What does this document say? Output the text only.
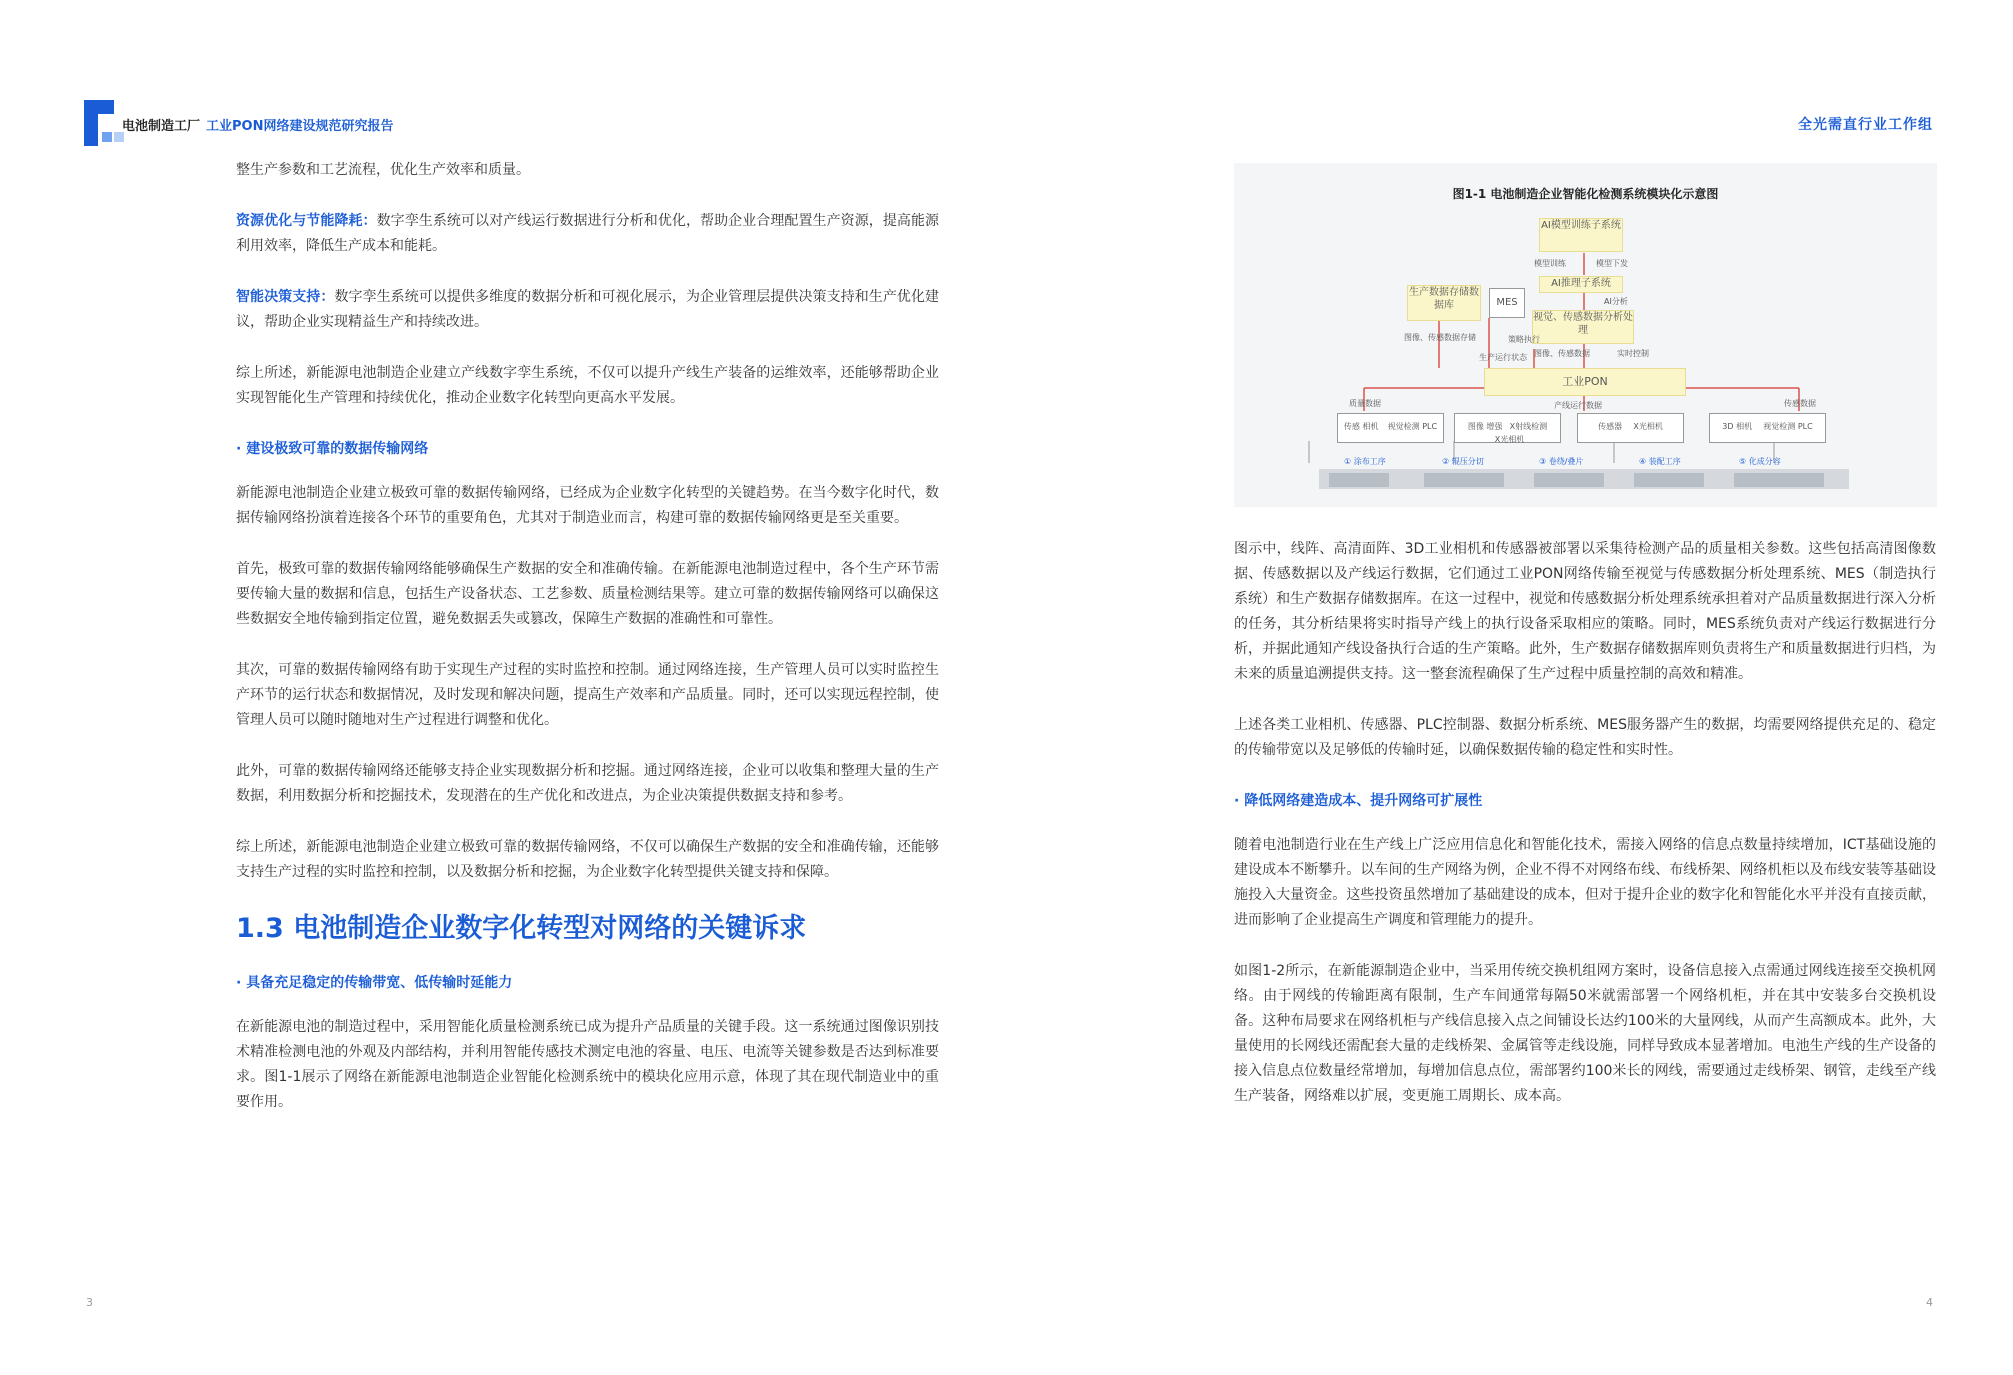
电池制造工厂 工业PON网络建设规范研究报告	全光需直行业工作组

整生产参数和工艺流程，优化生产效率和质量。

资源优化与节能降耗：数字孪生系统可以对产线运行数据进行分析和优化，帮助企业合理配置生产资源，提高能源利用效率，降低生产成本和能耗。

智能决策支持：数字孪生系统可以提供多维度的数据分析和可视化展示，为企业管理层提供决策支持和生产优化建议，帮助企业实现精益生产和持续改进。

综上所述，新能源电池制造企业建立产线数字孪生系统，不仅可以提升产线生产装备的运维效率，还能够帮助企业实现智能化生产管理和持续优化，推动企业数字化转型向更高水平发展。

· 建设极致可靠的数据传输网络

新能源电池制造企业建立极致可靠的数据传输网络，已经成为企业数字化转型的关键趋势。在当今数字化时代，数据传输网络扮演着连接各个环节的重要角色，尤其对于制造业而言，构建可靠的数据传输网络更是至关重要。

首先，极致可靠的数据传输网络能够确保生产数据的安全和准确传输。在新能源电池制造过程中，各个生产环节需要传输大量的数据和信息，包括生产设备状态、工艺参数、质量检测结果等。建立可靠的数据传输网络可以确保这些数据安全地传输到指定位置，避免数据丢失或篡改，保障生产数据的准确性和可靠性。

其次，可靠的数据传输网络有助于实现生产过程的实时监控和控制。通过网络连接，生产管理人员可以实时监控生产环节的运行状态和数据情况，及时发现和解决问题，提高生产效率和产品质量。同时，还可以实现远程控制，使管理人员可以随时随地对生产过程进行调整和优化。

此外，可靠的数据传输网络还能够支持企业实现数据分析和挖掘。通过网络连接，企业可以收集和整理大量的生产数据，利用数据分析和挖掘技术，发现潜在的生产优化和改进点，为企业决策提供数据支持和参考。

综上所述，新能源电池制造企业建立极致可靠的数据传输网络，不仅可以确保生产数据的安全和准确传输，还能够支持生产过程的实时监控和控制，以及数据分析和挖掘，为企业数字化转型提供关键支持和保障。

1.3 电池制造企业数字化转型对网络的关键诉求
· 具备充足稳定的传输带宽、低传输时延能力

在新能源电池的制造过程中，采用智能化质量检测系统已成为提升产品质量的关键手段。这一系统通过图像识别技术精准检测电池的外观及内部结构，并利用智能传感技术测定电池的容量、电压、电流等关键参数是否达到标准要求。图1-1展示了网络在新能源电池制造企业智能化检测系统中的模块化应用示意，体现了其在现代制造业中的重要作用。

图1-1 电池制造企业智能化检测系统模块化示意图
AI模型训练子系统
模型训练	模型下发
AI推理子系统
AI分析
视觉、传感数据分析处理
生产数据存储数据库	MES
图像、传感数据存储
生产运行状态
策略执行
图像、传感数据	实时控制
工业PON
质量数据	产线运行数据	传感数据
传感 相机 视觉检测 PLC	图像 增强 X射线检测 X光相机
传感器 X光相机	3D 相机 视觉检测 PLC
① 涂布工序	② 辊压分切	③ 卷绕/叠片	④ 装配工序	⑤ 化成分容

图示中，线阵、高清面阵、3D工业相机和传感器被部署以采集待检测产品的质量相关参数。这些包括高清图像数据、传感数据以及产线运行数据，它们通过工业PON网络传输至视觉与传感数据分析处理系统、MES（制造执行系统）和生产数据存储数据库。在这一过程中，视觉和传感数据分析处理系统承担着对产品质量数据进行深入分析的任务，其分析结果将实时指导产线上的执行设备采取相应的策略。同时，MES系统负责对产线运行数据进行分析，并据此通知产线设备执行合适的生产策略。此外，生产数据存储数据库则负责将生产和质量数据进行归档，为未来的质量追溯提供支持。这一整套流程确保了生产过程中质量控制的高效和精准。

上述各类工业相机、传感器、PLC控制器、数据分析系统、MES服务器产生的数据，均需要网络提供充足的、稳定的传输带宽以及足够低的传输时延，以确保数据传输的稳定性和实时性。

· 降低网络建造成本、提升网络可扩展性

随着电池制造行业在生产线上广泛应用信息化和智能化技术，需接入网络的信息点数量持续增加，ICT基础设施的建设成本不断攀升。以车间的生产网络为例，企业不得不对网络布线、布线桥架、网络机柜以及布线安装等基础设施投入大量资金。这些投资虽然增加了基础建设的成本，但对于提升企业的数字化和智能化水平并没有直接贡献，进而影响了企业提高生产调度和管理能力的提升。

如图1-2所示，在新能源制造企业中，当采用传统交换机组网方案时，设备信息接入点需通过网线连接至交换机网络。由于网线的传输距离有限制，生产车间通常每隔50米就需部署一个网络机柜，并在其中安装多台交换机设备。这种布局要求在网络机柜与产线信息接入点之间铺设长达约100米的大量网线，从而产生高额成本。此外，大量使用的长网线还需配套大量的走线桥架、金属管等走线设施，同样导致成本显著增加。电池生产线的生产设备的接入信息点位数量经常增加，每增加信息点位，需部署约100米长的网线，需要通过走线桥架、钢管，走线至产线生产装备，网络难以扩展，变更施工周期长、成本高。

3	4
